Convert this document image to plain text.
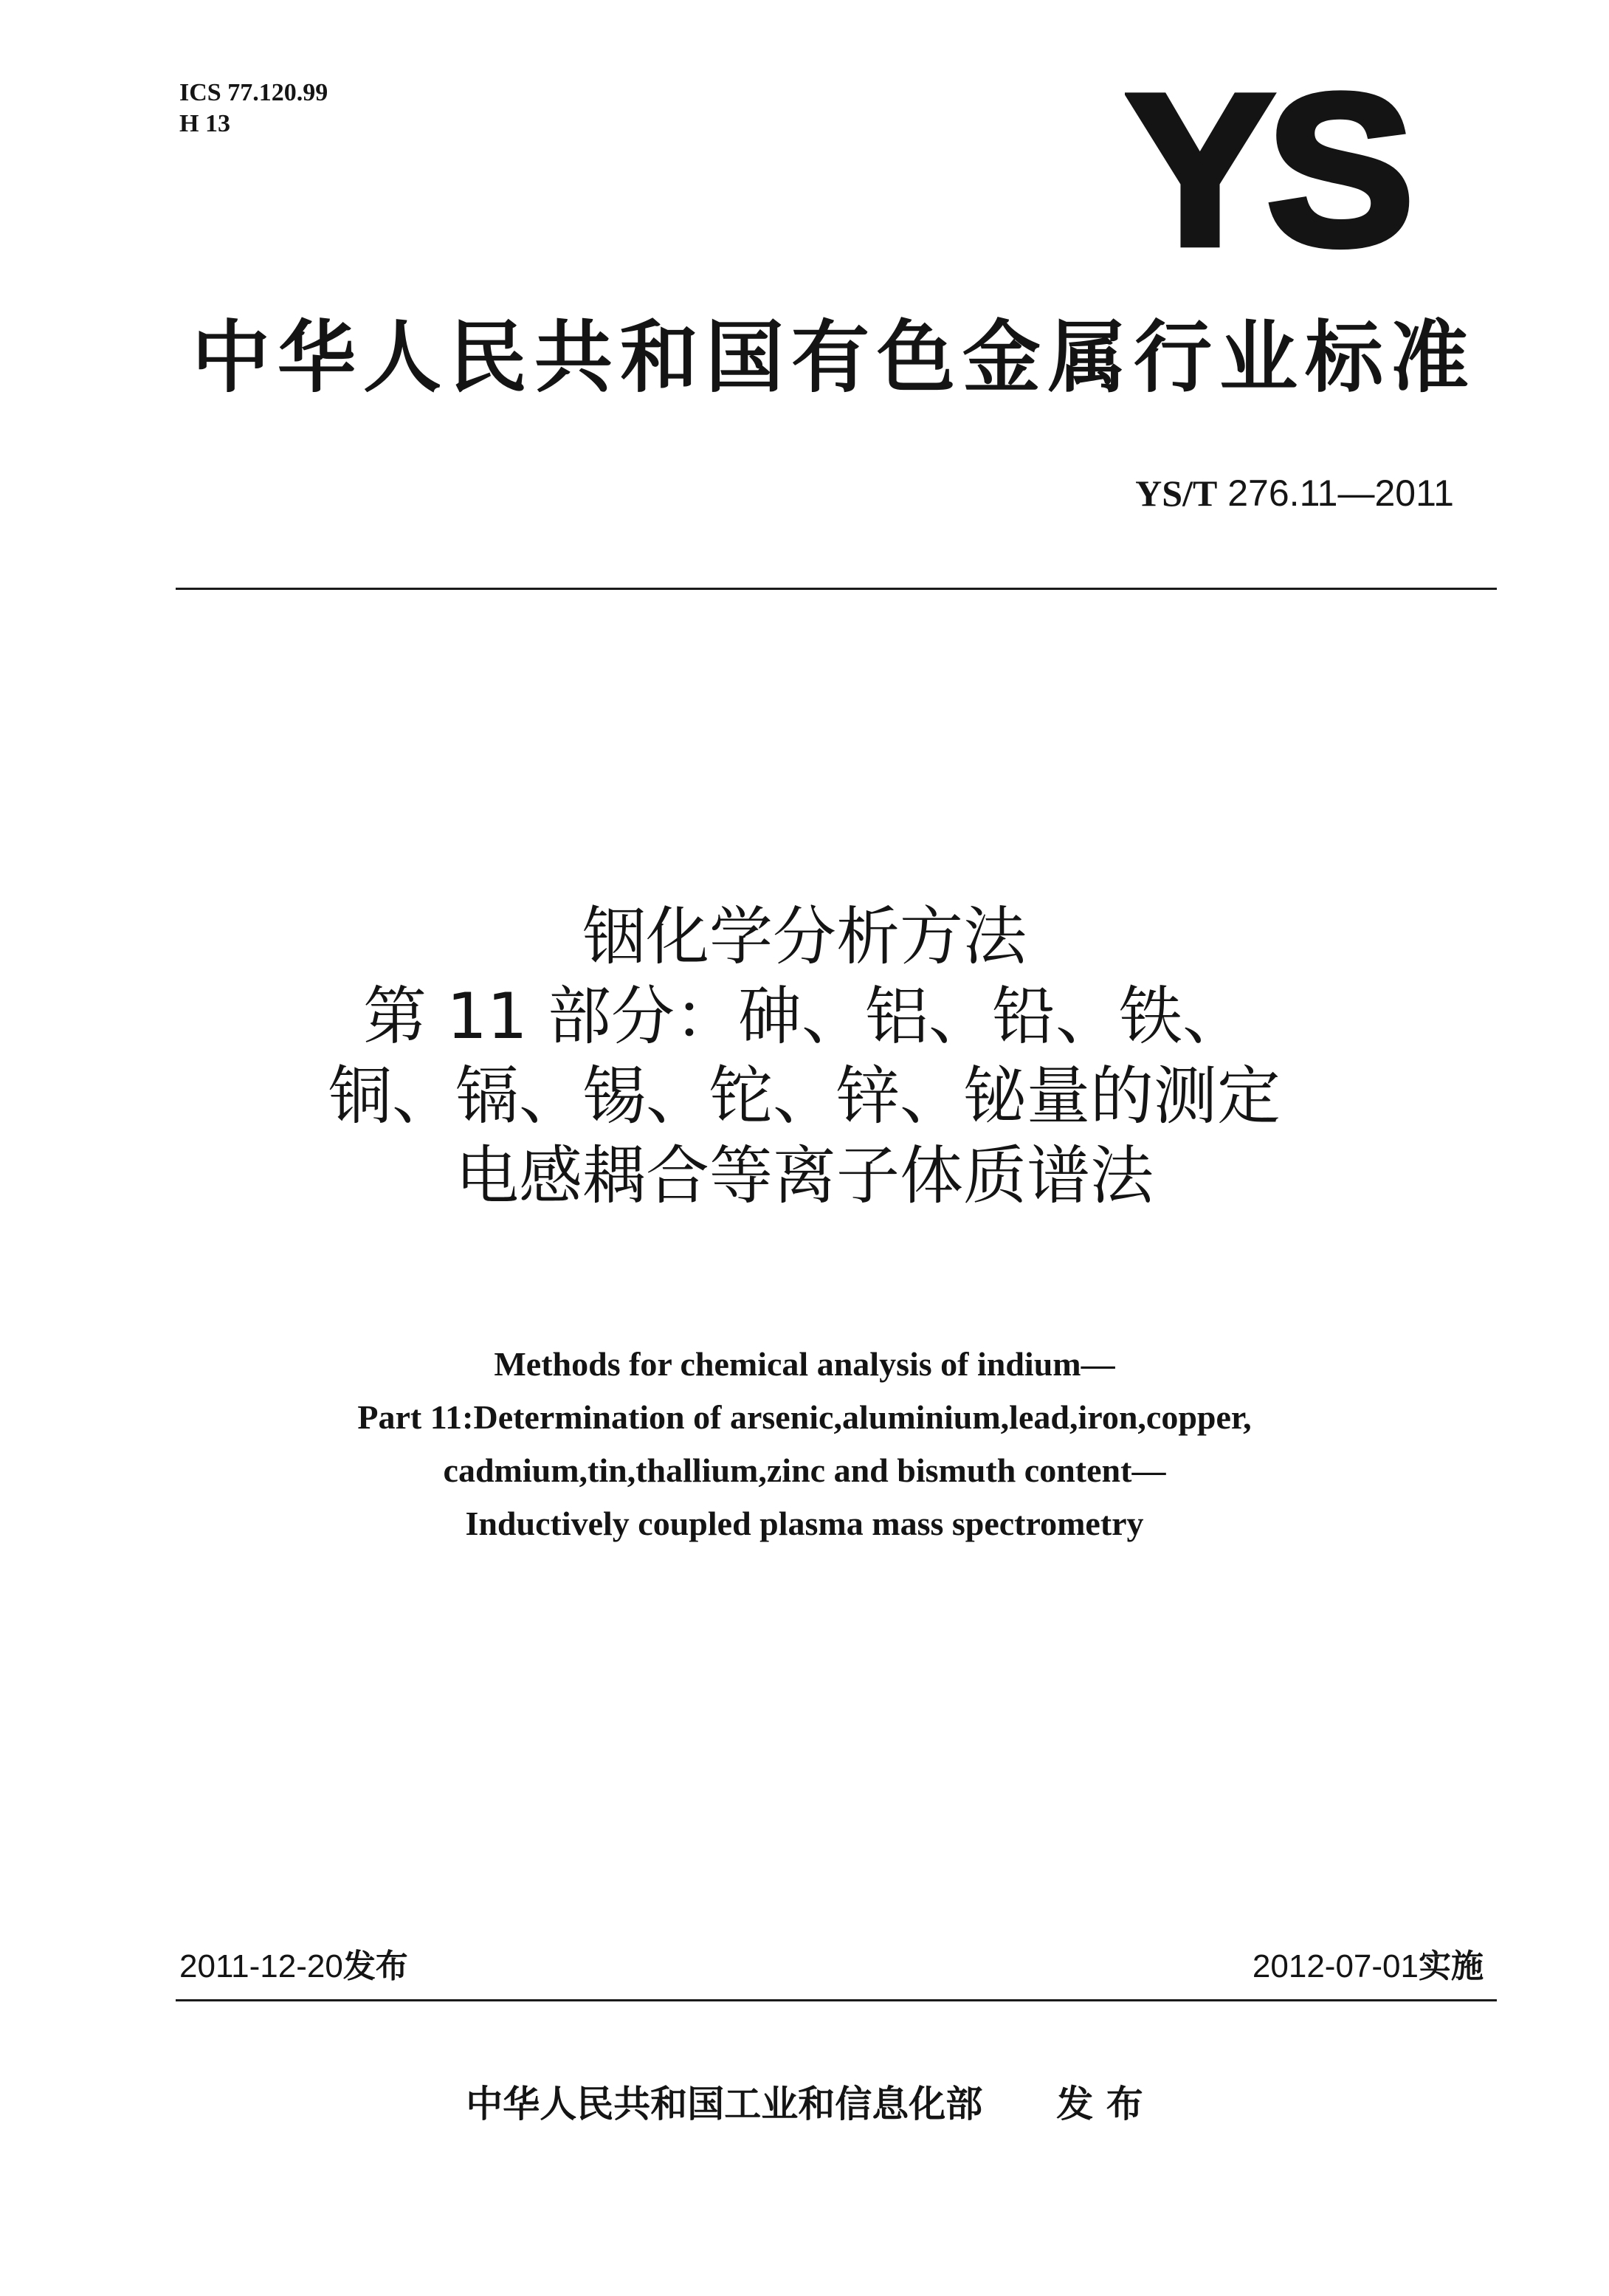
ICS 77.120.99
H 13	YS
中华人民共和国有色金属行业标准
YS/T 276.11—2011
铟化学分析方法
第 11 部分：砷、铝、铅、铁、
铜、镉、锡、铊、锌、铋量的测定
电感耦合等离子体质谱法
Methods for chemical analysis of indium—
Part 11:Determination of arsenic,aluminium,lead,iron,copper,
cadmium,tin,thallium,zinc and bismuth content—
Inductively coupled plasma mass spectrometry
2011-12-20发布	2012-07-01实施
中华人民共和国工业和信息化部 发 布
